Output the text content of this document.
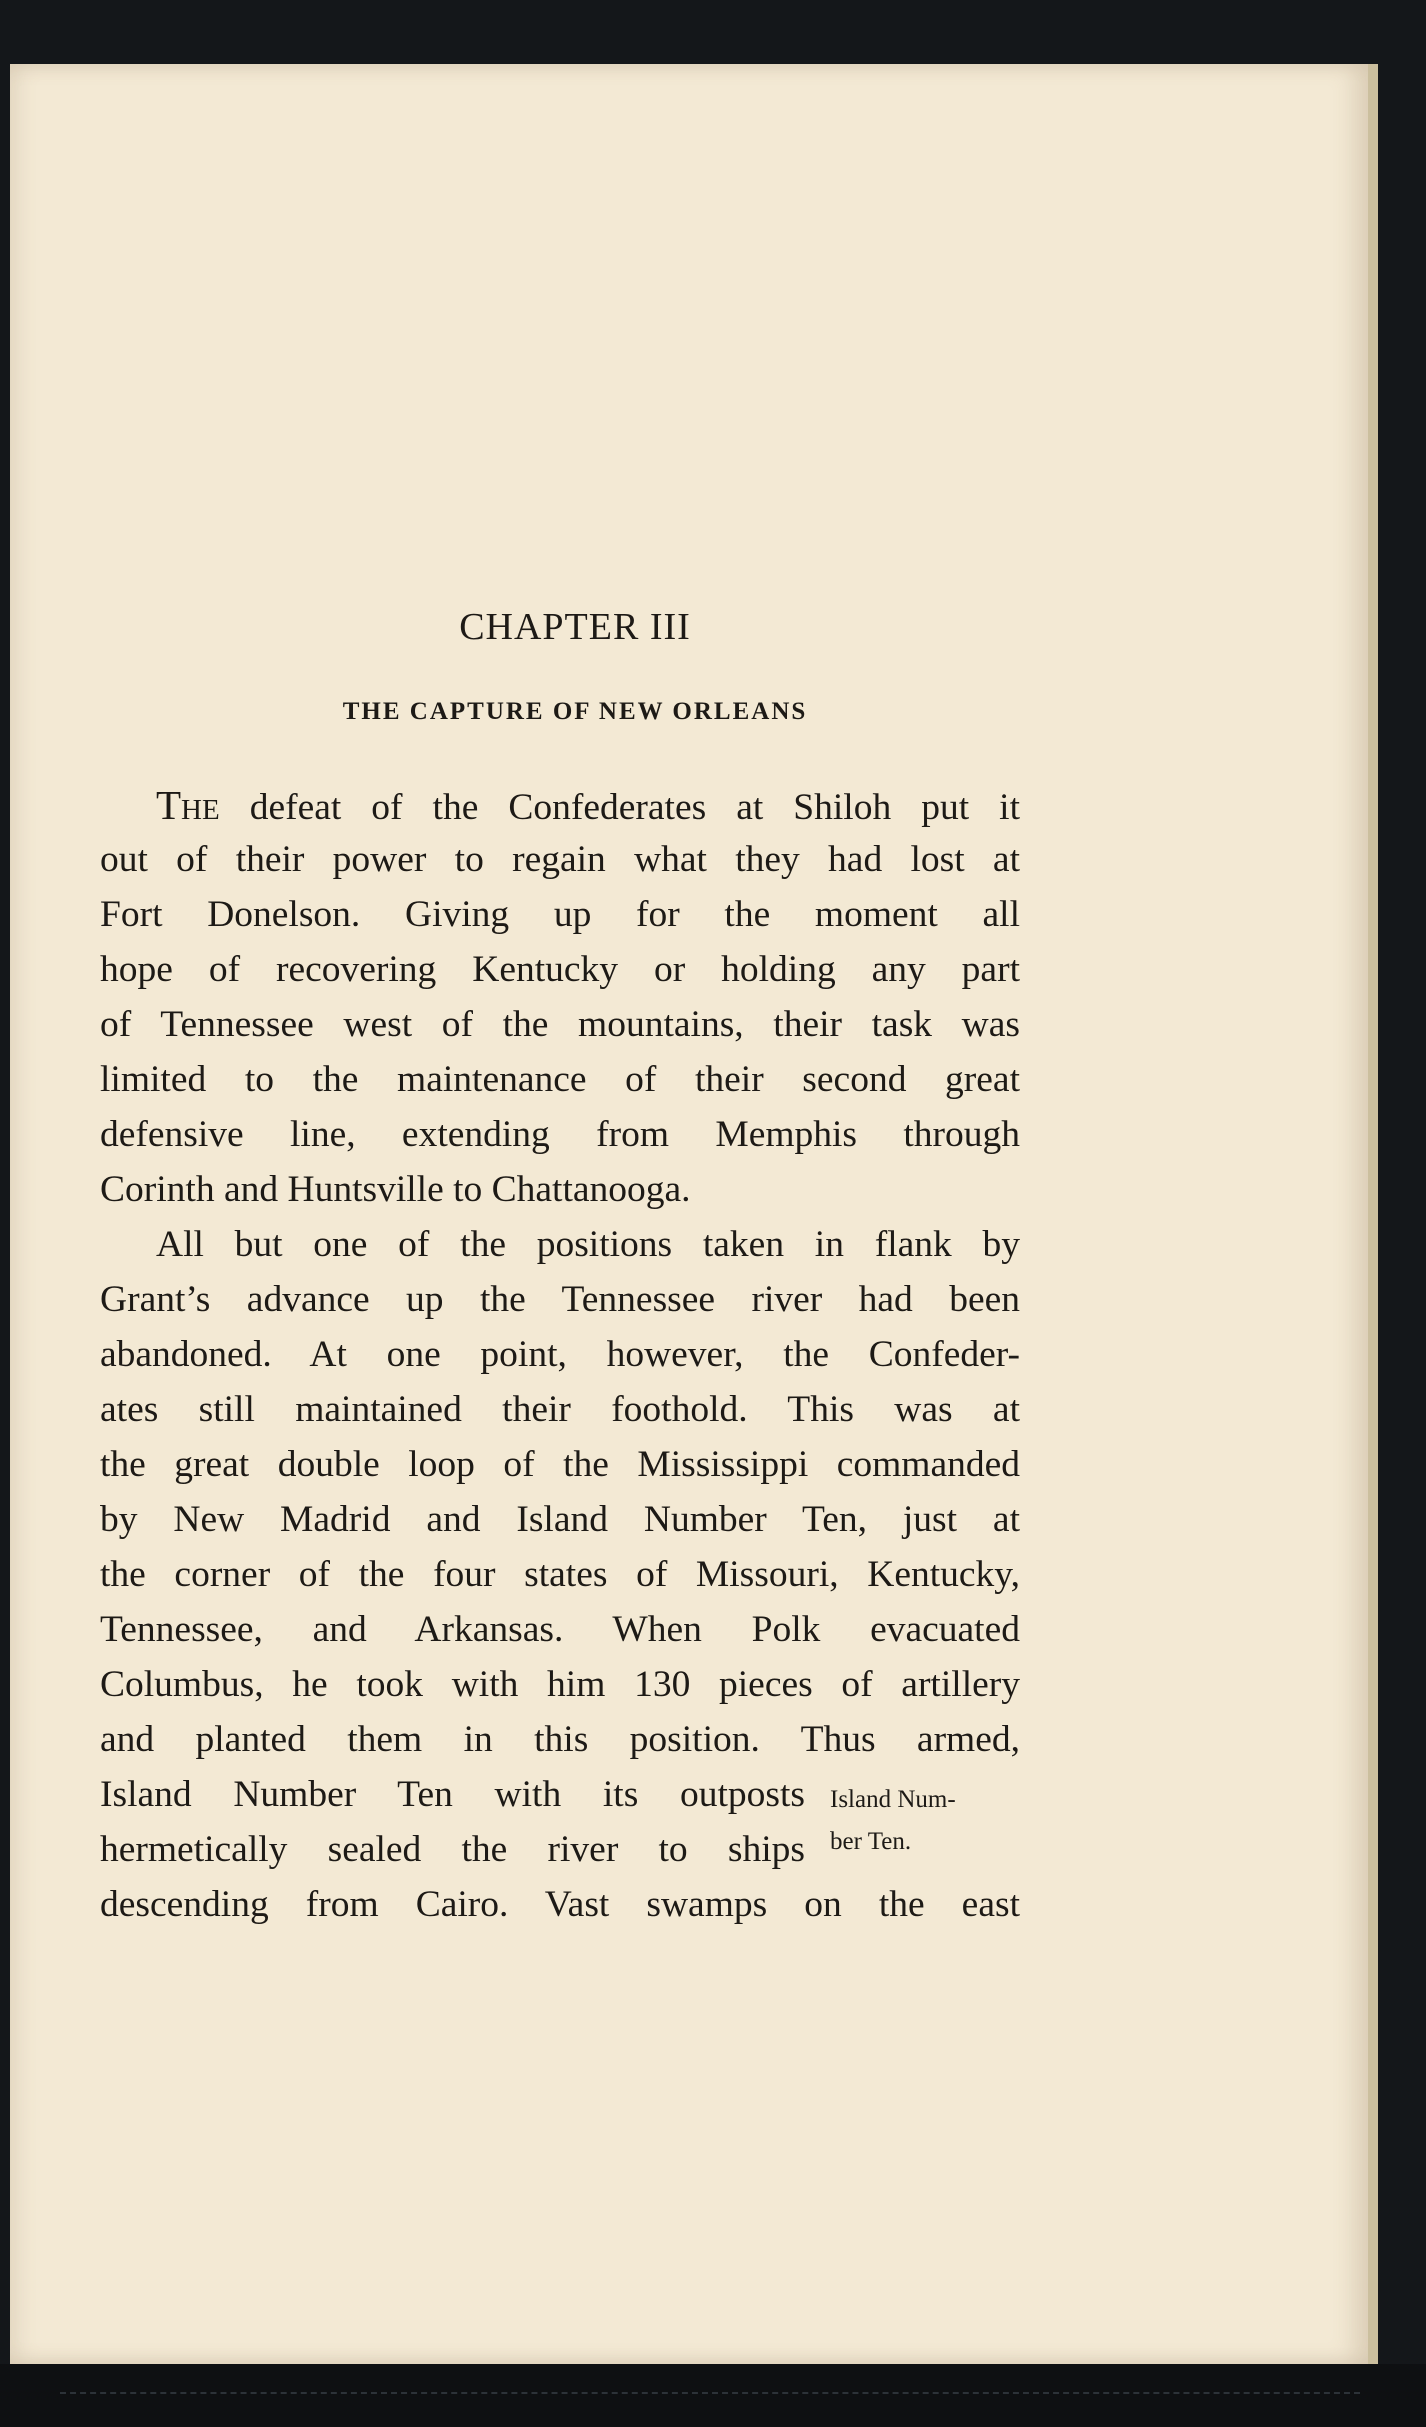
CHAPTER III
THE CAPTURE OF NEW ORLEANS
The defeat of the Confederates at Shiloh put it
out of their power to regain what they had lost at
Fort Donelson. Giving up for the moment all
hope of recovering Kentucky or holding any part
of Tennessee west of the mountains, their task was
limited to the maintenance of their second great
defensive line, extending from Memphis through
Corinth and Huntsville to Chattanooga.
All but one of the positions taken in flank by
Grant’s advance up the Tennessee river had been
abandoned. At one point, however, the Confeder-
ates still maintained their foothold. This was at
the great double loop of the Mississippi commanded
by New Madrid and Island Number Ten, just at
the corner of the four states of Missouri, Kentucky,
Tennessee, and Arkansas. When Polk evacuated
Columbus, he took with him 130 pieces of artillery
and planted them in this position. Thus armed,
Island Number Ten with its outposts
hermetically sealed the river to ships
descending from Cairo. Vast swamps on the east
Island Num-
ber Ten.
